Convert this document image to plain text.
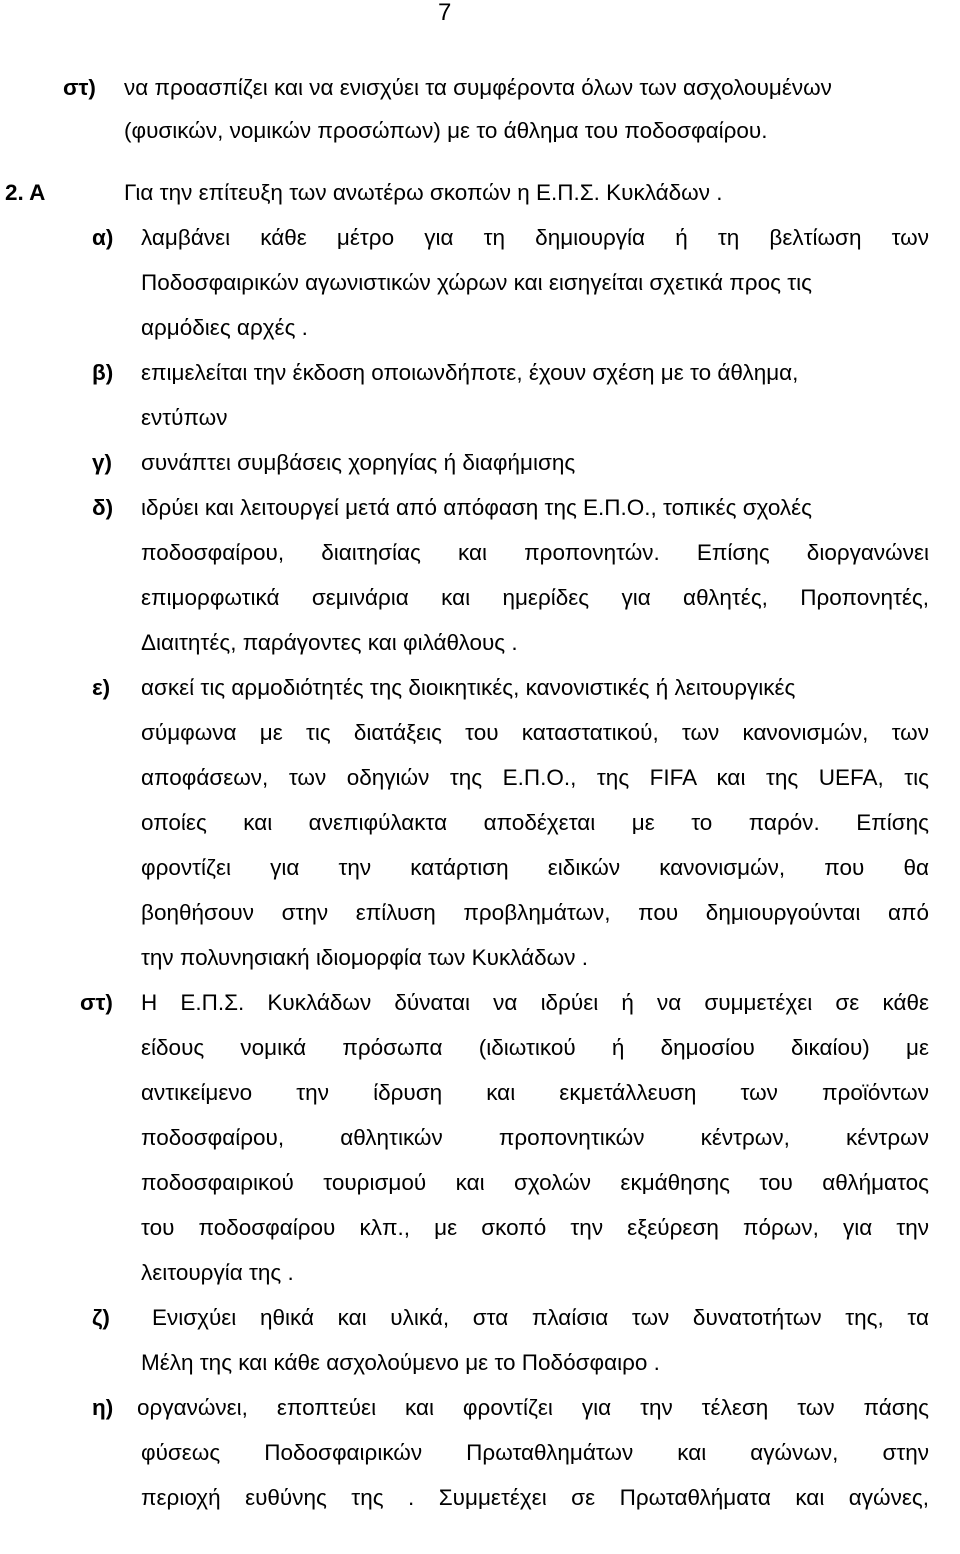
7
στ) να προασπίζει και να ενισχύει τα συμφέροντα όλων των ασχολουμένων
(φυσικών, νομικών προσώπων) με το άθλημα του ποδοσφαίρου.
2. Α	Για την επίτευξη των ανωτέρω σκοπών η Ε.Π.Σ. Κυκλάδων .
α) λαμβάνει κάθε μέτρο για τη δημιουργία ή τη βελτίωση των
Ποδοσφαιρικών αγωνιστικών χώρων και εισηγείται σχετικά προς τις
αρμόδιες αρχές .
β) επιμελείται την έκδοση οποιωνδήποτε, έχουν σχέση με το άθλημα,
εντύπων
γ) συνάπτει συμβάσεις χορηγίας ή διαφήμισης
δ) ιδρύει και λειτουργεί μετά από απόφαση της Ε.Π.Ο., τοπικές σχολές
ποδοσφαίρου, διαιτησίας και προπονητών. Επίσης διοργανώνει
επιμορφωτικά σεμινάρια και ημερίδες για αθλητές, Προπονητές,
Διαιτητές, παράγοντες και φιλάθλους .
ε) ασκεί τις αρμοδιότητές της διοικητικές, κανονιστικές ή λειτουργικές
σύμφωνα με τις διατάξεις του καταστατικού, των κανονισμών, των
αποφάσεων, των οδηγιών της Ε.Π.Ο., της FIFA και της UEFA, τις
οποίες και ανεπιφύλακτα αποδέχεται με το παρόν. Επίσης
φροντίζει για την κατάρτιση ειδικών κανονισμών, που θα
βοηθήσουν στην επίλυση προβλημάτων, που δημιουργούνται από
την πολυνησιακή ιδιομορφία των Κυκλάδων .
στ) Η Ε.Π.Σ. Κυκλάδων δύναται να ιδρύει ή να συμμετέχει σε κάθε
είδους νομικά πρόσωπα (ιδιωτικού ή δημοσίου δικαίου) με
αντικείμενο την ίδρυση και εκμετάλλευση των προϊόντων
ποδοσφαίρου, αθλητικών προπονητικών κέντρων, κέντρων
ποδοσφαιρικού τουρισμού και σχολών εκμάθησης του αθλήματος
του ποδοσφαίρου κλπ., με σκοπό την εξεύρεση πόρων, για την
λειτουργία της .
ζ) Ενισχύει ηθικά και υλικά, στα πλαίσια των δυνατοτήτων της, τα
Μέλη της και κάθε ασχολούμενο με το Ποδόσφαιρο .
η) οργανώνει, εποπτεύει και φροντίζει για την τέλεση των πάσης
φύσεως Ποδοσφαιρικών Πρωταθλημάτων και αγώνων, στην
περιοχή ευθύνης της . Συμμετέχει σε Πρωταθλήματα και αγώνες,
